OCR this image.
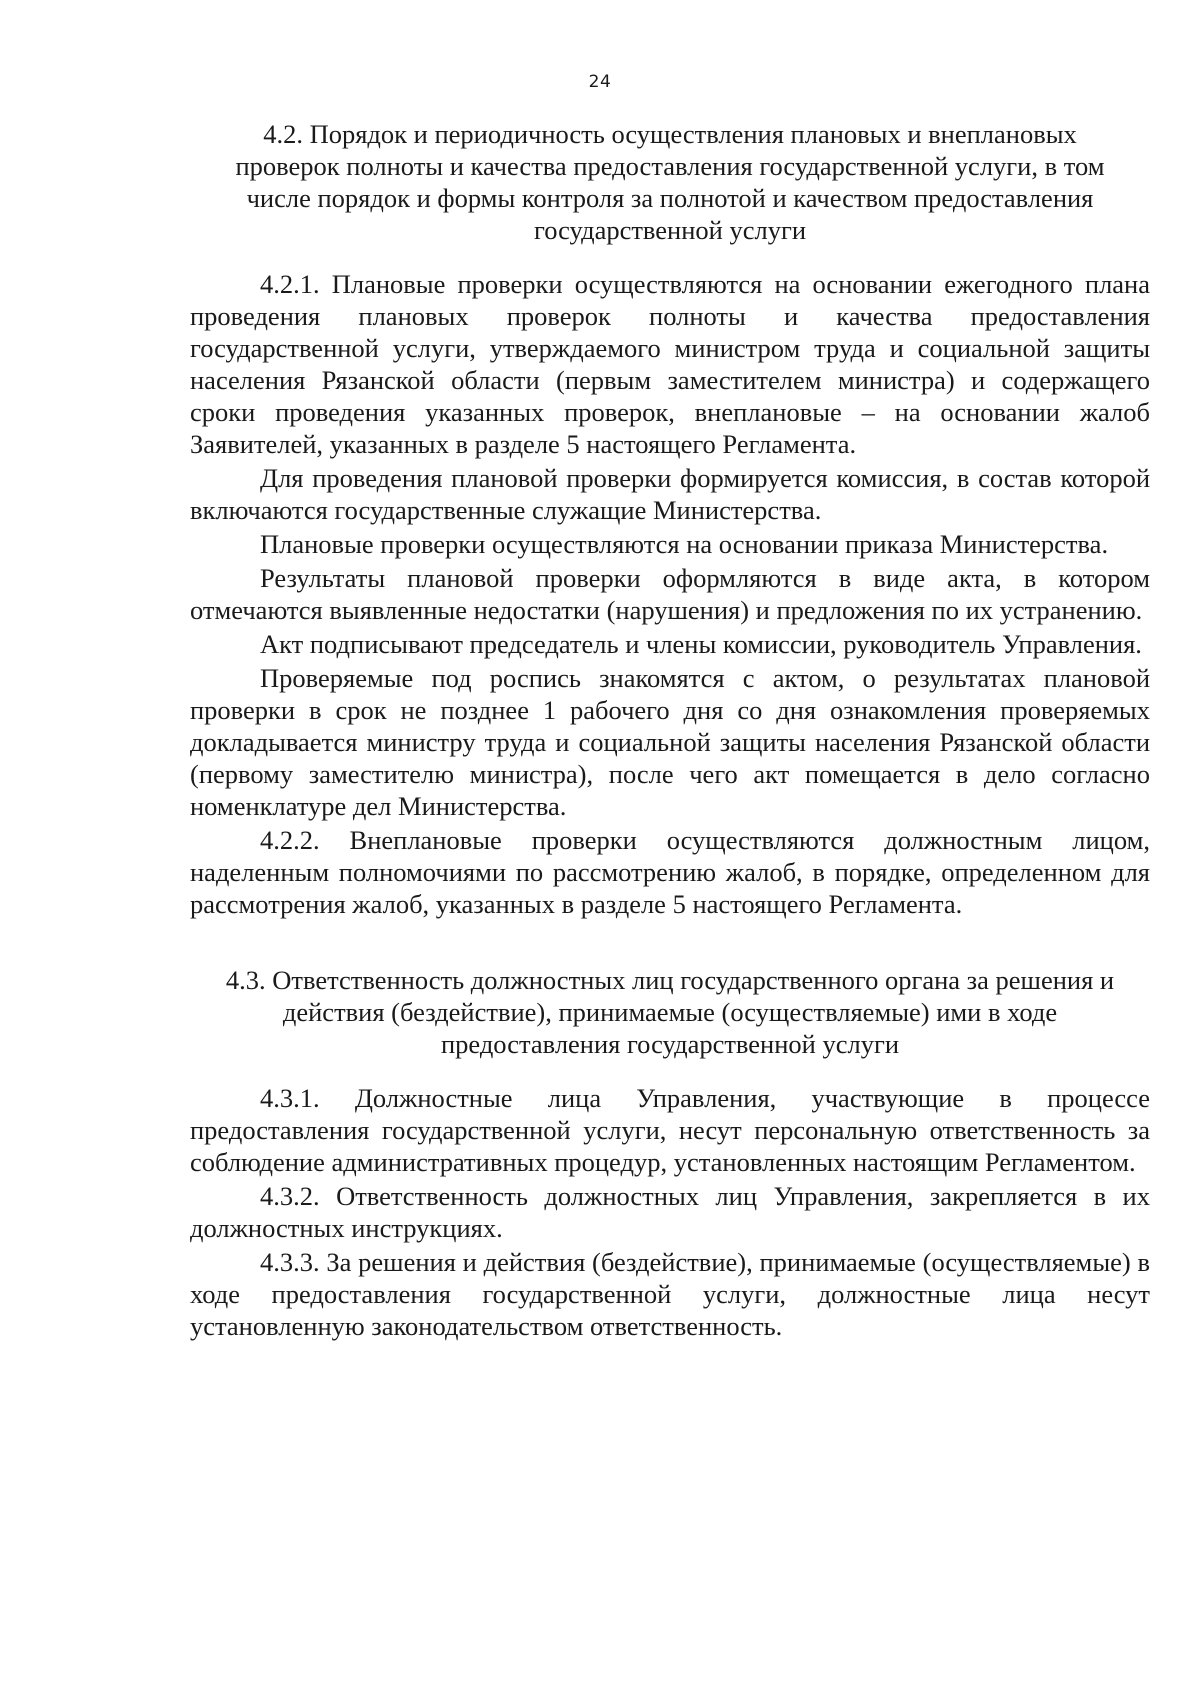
24
4.2. Порядок и периодичность осуществления плановых и внеплановых проверок полноты и качества предоставления государственной услуги, в том числе порядок и формы контроля за полнотой и качеством предоставления государственной услуги

4.2.1. Плановые проверки осуществляются на основании ежегодного плана проведения плановых проверок полноты и качества предоставления государственной услуги, утверждаемого министром труда и социальной защиты населения Рязанской области (первым заместителем министра) и содержащего сроки проведения указанных проверок, внеплановые – на основании жалоб Заявителей, указанных в разделе 5 настоящего Регламента.

Для проведения плановой проверки формируется комиссия, в состав которой включаются государственные служащие Министерства.

Плановые проверки осуществляются на основании приказа Министерства.

Результаты плановой проверки оформляются в виде акта, в котором отмечаются выявленные недостатки (нарушения) и предложения по их устранению.

Акт подписывают председатель и члены комиссии, руководитель Управления.

Проверяемые под роспись знакомятся с актом, о результатах плановой проверки в срок не позднее 1 рабочего дня со дня ознакомления проверяемых докладывается министру труда и социальной защиты населения Рязанской области (первому заместителю министра), после чего акт помещается в дело согласно номенклатуре дел Министерства.

4.2.2. Внеплановые проверки осуществляются должностным лицом, наделенным полномочиями по рассмотрению жалоб, в порядке, определенном для рассмотрения жалоб, указанных в разделе 5 настоящего Регламента.

4.3. Ответственность должностных лиц государственного органа за решения и действия (бездействие), принимаемые (осуществляемые) ими в ходе предоставления государственной услуги

4.3.1. Должностные лица Управления, участвующие в процессе предоставления государственной услуги, несут персональную ответственность за соблюдение административных процедур, установленных настоящим Регламентом.

4.3.2. Ответственность должностных лиц Управления, закрепляется в их должностных инструкциях.

4.3.3. За решения и действия (бездействие), принимаемые (осуществляемые) в ходе предоставления государственной услуги, должностные лица несут установленную законодательством ответственность.
